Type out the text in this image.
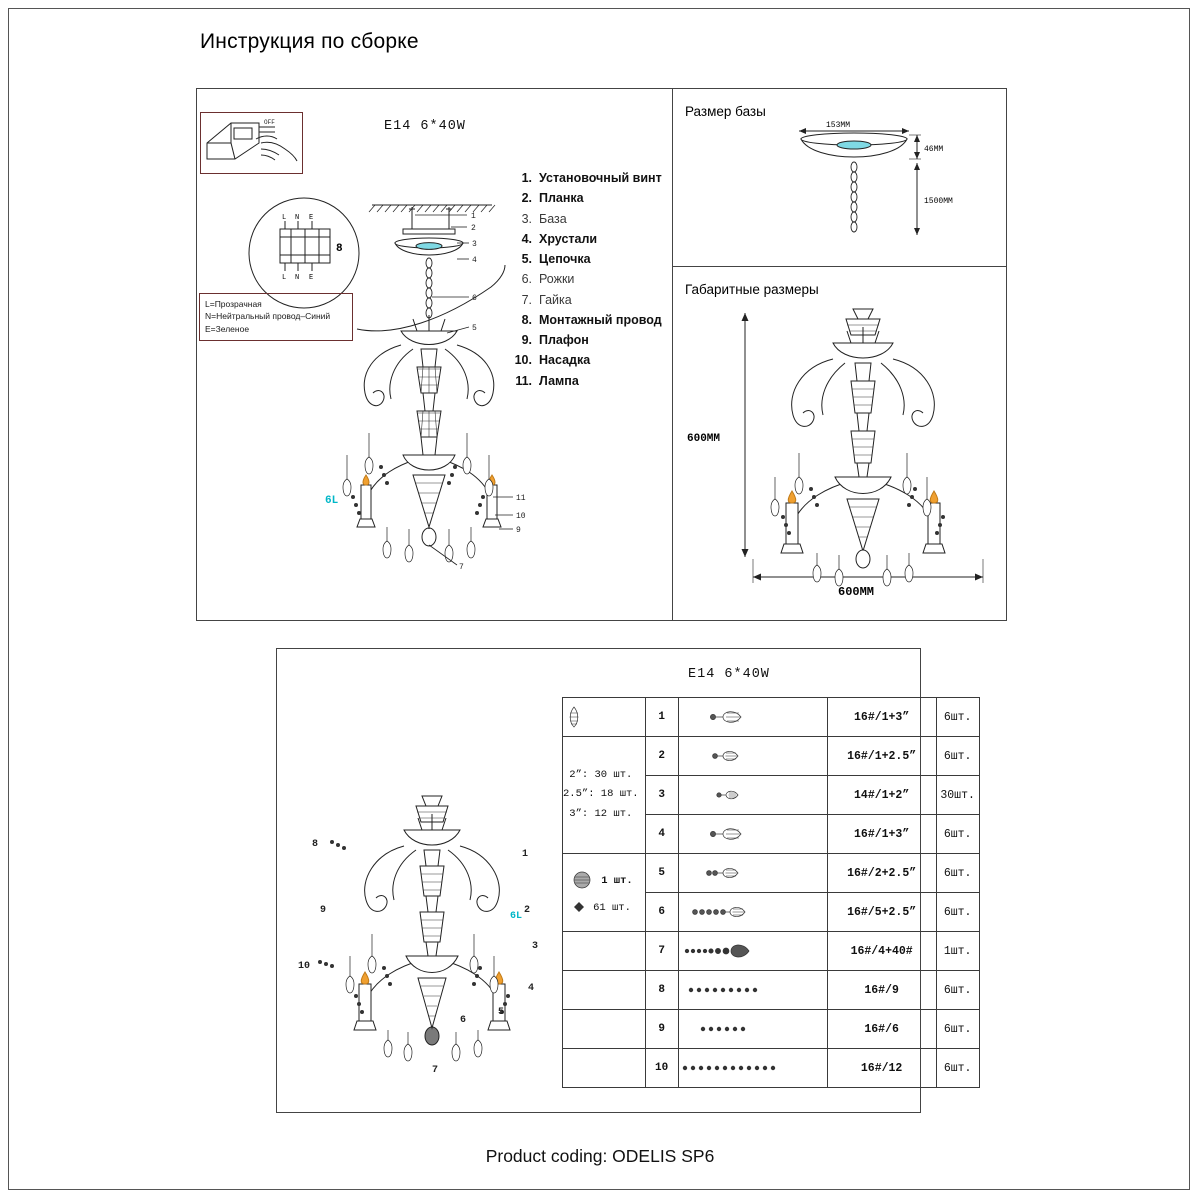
Инструкция по сборке
OFF
L N E
L N E
8
L=Прозрачная
N=Нейтральный провод–Синий
E=Зеленое
E14 6*40W
1
2
3
4
6
5
11
10
9
7
6L
1. Установочный винт
2. Планка
3. База
4. Хрустали
5. Цепочка
6. Рожки
7. Гайка
8. Монтажный провод
9. Плафон
10. Насадка
11. Лампа
Размер базы
153MM
46MM
1500MM
Габаритные размеры
600MM
600MM
E14 6*40W
8
1
2
3
4
5
6
7
9
10
6L
	1		16#/1+3”	6шт.

2”: 30 шт.
2.5”: 18 шт.
3”: 12 шт.	2		16#/1+2.5”	6шт.
	3		14#/1+2”	30шт.
	4		16#/1+3”	6шт.
1 шт.
61 шт.	5		16#/2+2.5”	6шт.
	6		16#/5+2.5”	6шт.
	7		16#/4+40#	1шт.
	8		16#/9	6шт.
	9		16#/6	6шт.
	10		16#/12	6шт.
Product coding: ODELIS SP6
